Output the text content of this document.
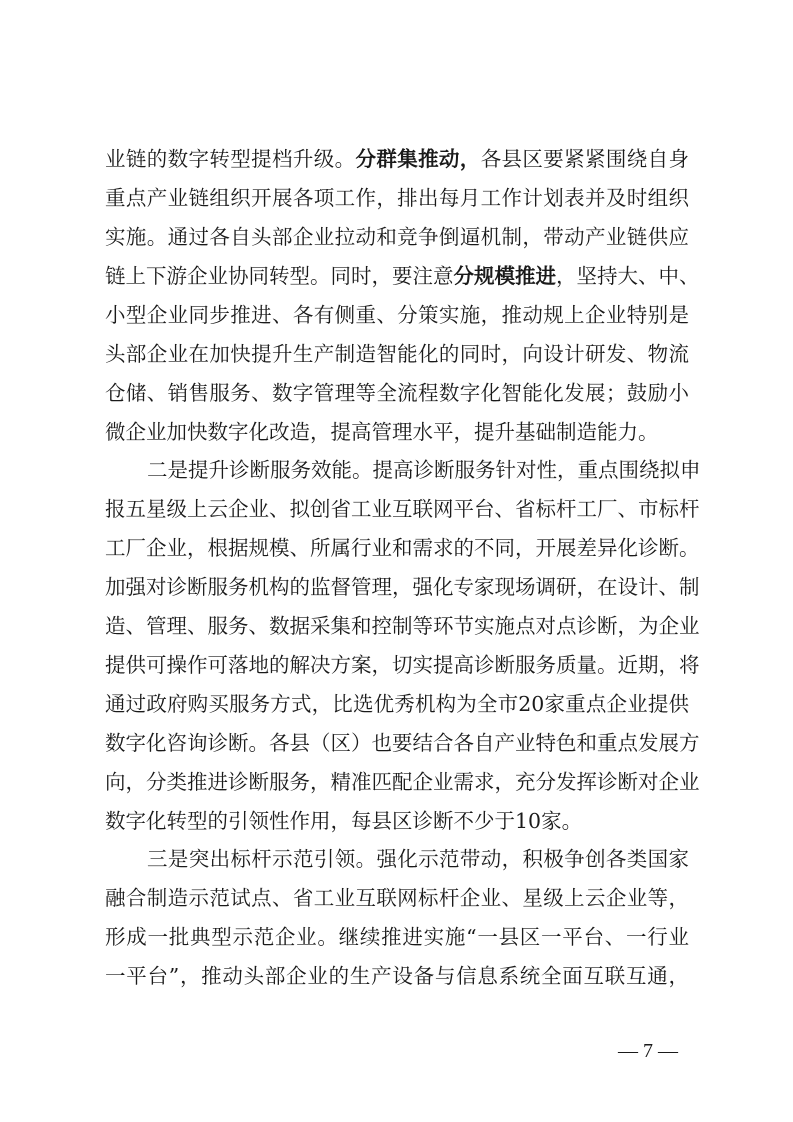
业链的数字转型提档升级。分群集推动，各县区要紧紧围绕自身
重点产业链组织开展各项工作，排出每月工作计划表并及时组织
实施。通过各自头部企业拉动和竞争倒逼机制，带动产业链供应
链上下游企业协同转型。同时，要注意分规模推进，坚持大、中、
小型企业同步推进、各有侧重、分策实施，推动规上企业特别是
头部企业在加快提升生产制造智能化的同时，向设计研发、物流
仓储、销售服务、数字管理等全流程数字化智能化发展；鼓励小
微企业加快数字化改造，提高管理水平，提升基础制造能力。
二是提升诊断服务效能。提高诊断服务针对性，重点围绕拟申
报五星级上云企业、拟创省工业互联网平台、省标杆工厂、市标杆
工厂企业，根据规模、所属行业和需求的不同，开展差异化诊断。
加强对诊断服务机构的监督管理，强化专家现场调研，在设计、制
造、管理、服务、数据采集和控制等环节实施点对点诊断，为企业
提供可操作可落地的解决方案，切实提高诊断服务质量。近期，将
通过政府购买服务方式，比选优秀机构为全市20家重点企业提供
数字化咨询诊断。各县（区）也要结合各自产业特色和重点发展方
向，分类推进诊断服务，精准匹配企业需求，充分发挥诊断对企业
数字化转型的引领性作用，每县区诊断不少于10家。
三是突出标杆示范引领。强化示范带动，积极争创各类国家
融合制造示范试点、省工业互联网标杆企业、星级上云企业等，
形成一批典型示范企业。继续推进实施“一县区一平台、一行业
一平台”，推动头部企业的生产设备与信息系统全面互联互通，
— 7 —
